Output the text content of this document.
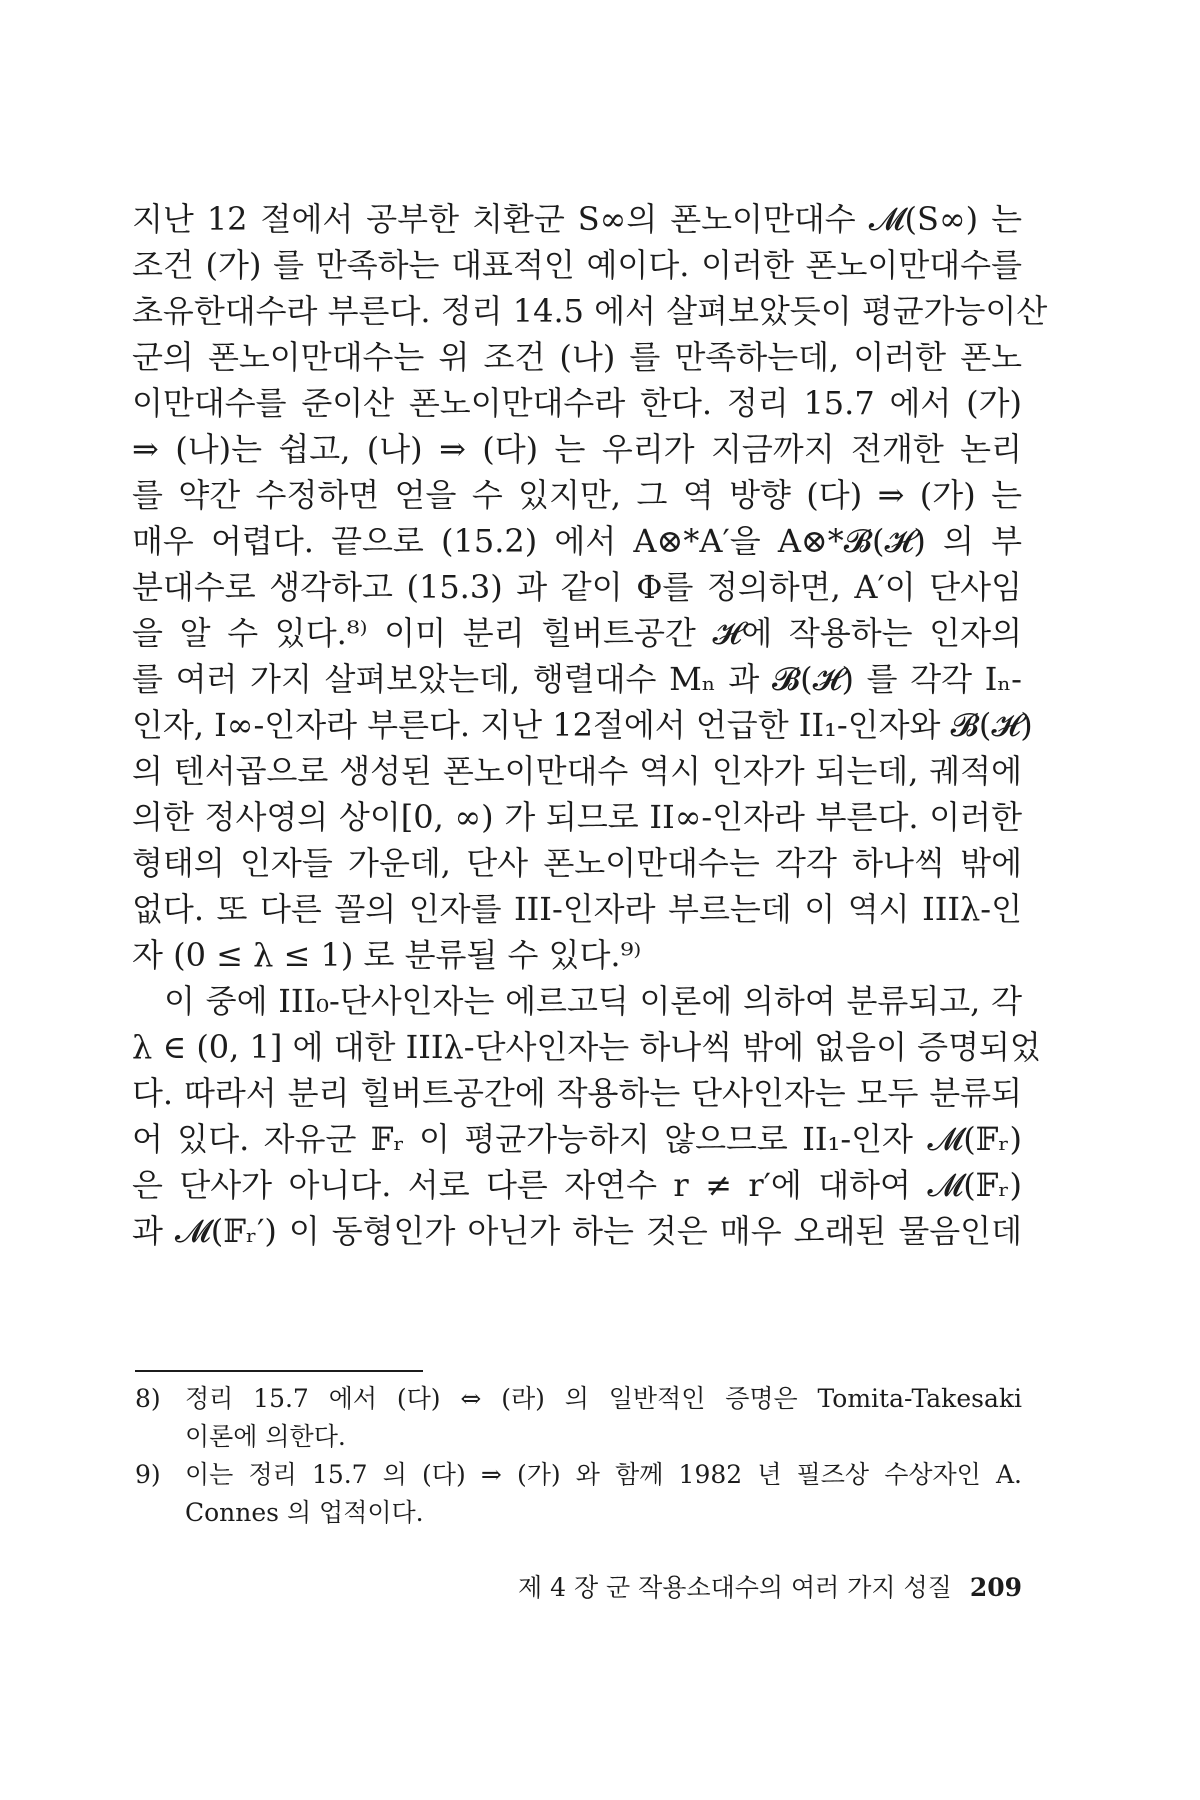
지난 12 절에서 공부한 치환군 S∞의 폰노이만대수 𝓜(S∞) 는
조건 (가) 를 만족하는 대표적인 예이다. 이러한 폰노이만대수를
초유한대수라 부른다. 정리 14.5 에서 살펴보았듯이 평균가능이산
군의 폰노이만대수는 위 조건 (나) 를 만족하는데, 이러한 폰노
이만대수를 준이산 폰노이만대수라 한다. 정리 15.7 에서 (가)
⇒ (나)는 쉽고, (나) ⇒ (다) 는 우리가 지금까지 전개한 논리
를 약간 수정하면 얻을 수 있지만, 그 역 방향 (다) ⇒ (가) 는
매우 어렵다. 끝으로 (15.2) 에서 A⊗*A′을 A⊗*𝓑(𝓗) 의 부
분대수로 생각하고 (15.3) 과 같이 Φ를 정의하면, A′이 단사임
을 알 수 있다.⁸⁾ 이미 분리 힐버트공간 𝓗에 작용하는 인자의
를 여러 가지 살펴보았는데, 행렬대수 Mₙ 과 𝓑(𝓗) 를 각각 Iₙ-
인자, I∞-인자라 부른다. 지난 12절에서 언급한 II₁-인자와 𝓑(𝓗)
의 텐서곱으로 생성된 폰노이만대수 역시 인자가 되는데, 궤적에
의한 정사영의 상이[0, ∞) 가 되므로 II∞-인자라 부른다. 이러한
형태의 인자들 가운데, 단사 폰노이만대수는 각각 하나씩 밖에
없다. 또 다른 꼴의 인자를 III-인자라 부르는데 이 역시 IIIλ-인
자 (0 ≤ λ ≤ 1) 로 분류될 수 있다.⁹⁾
이 중에 III₀-단사인자는 에르고딕 이론에 의하여 분류되고, 각
λ ∈ (0, 1] 에 대한 IIIλ-단사인자는 하나씩 밖에 없음이 증명되었
다. 따라서 분리 힐버트공간에 작용하는 단사인자는 모두 분류되
어 있다. 자유군 𝔽ᵣ 이 평균가능하지 않으므로 II₁-인자 𝓜(𝔽ᵣ)
은 단사가 아니다. 서로 다른 자연수 r ≠ r′에 대하여 𝓜(𝔽ᵣ)
과 𝓜(𝔽ᵣ′) 이 동형인가 아닌가 하는 것은 매우 오래된 물음인데
8) 정리 15.7 에서 (다) ⇔ (라) 의 일반적인 증명은 Tomita-Takesaki
이론에 의한다.
9) 이는 정리 15.7 의 (다) ⇒ (가) 와 함께 1982 년 필즈상 수상자인 A.
Connes 의 업적이다.
제 4 장 군 작용소대수의 여러 가지 성질 209
